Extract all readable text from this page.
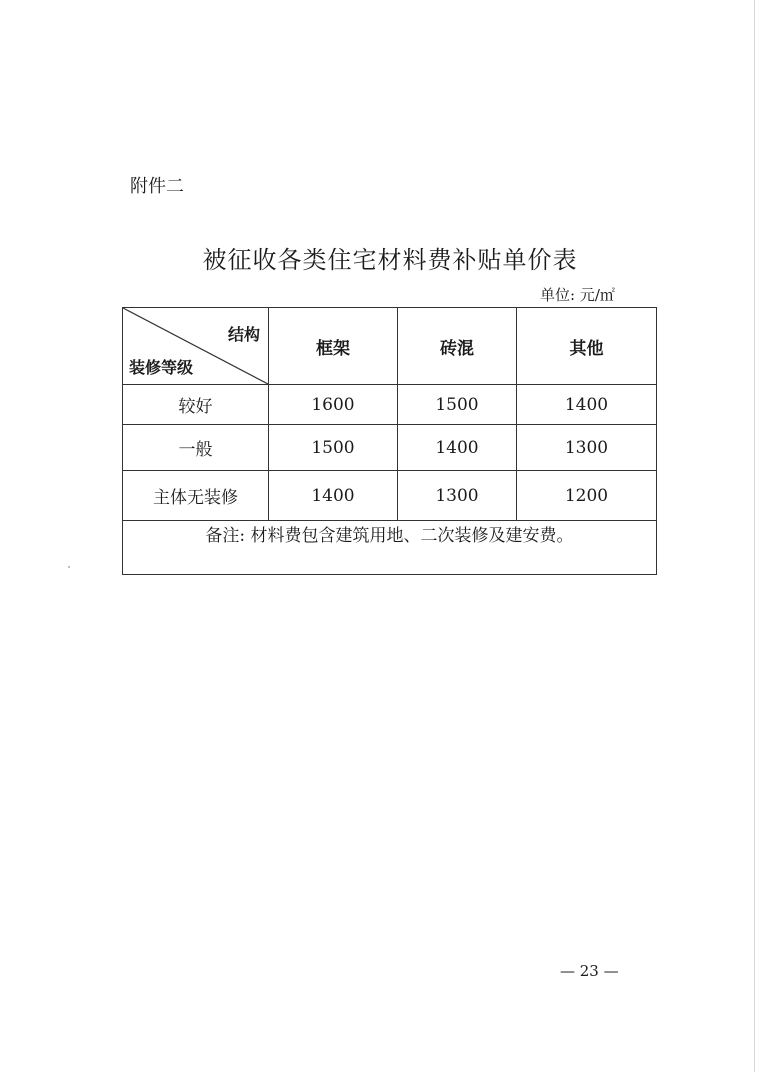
附件二
被征收各类住宅材料费补贴单价表
单位: 元/㎡
结构
装修等级	框架	砖混	其他
较好	1600	1500	1400
一般	1500	1400	1300
主体无装修	1400	1300	1200
备注: 材料费包含建筑用地、二次装修及建安费。			
— 23 —
